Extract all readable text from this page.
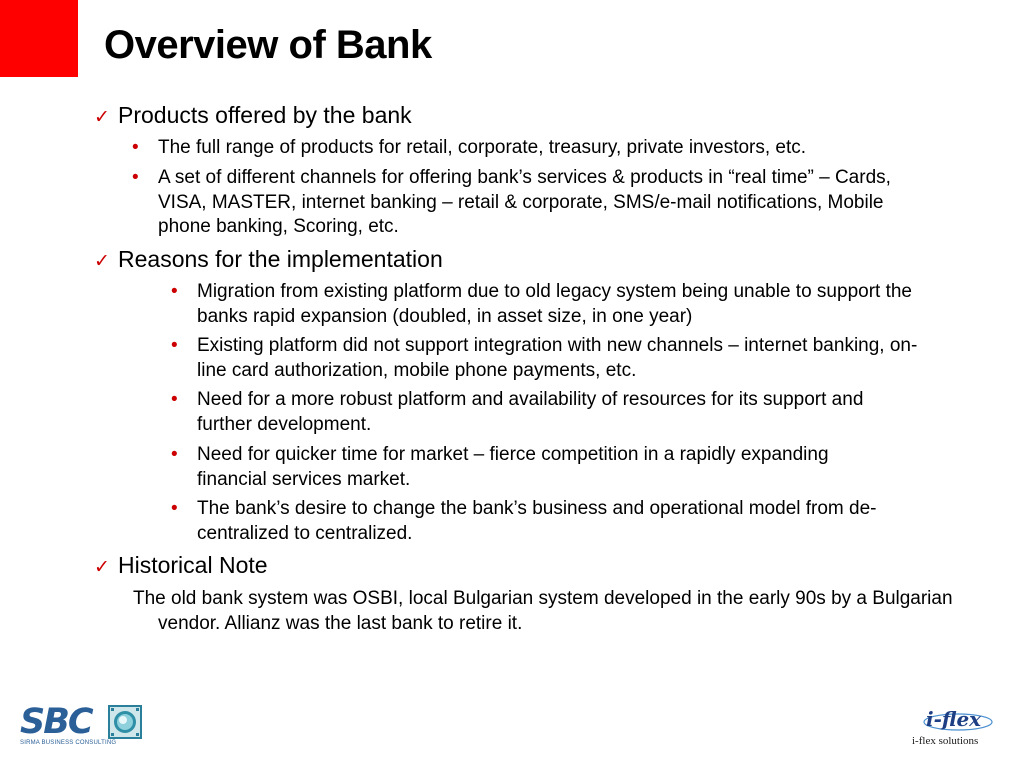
Overview of Bank
✓ Products offered by the bank
• The full range of products for retail, corporate, treasury, private investors, etc.
• A set of different channels for offering bank’s services & products in “real time” – Cards, VISA, MASTER, internet banking – retail & corporate, SMS/e-mail notifications, Mobile phone banking, Scoring, etc.
✓ Reasons for the implementation
• Migration from existing platform due to old legacy system being unable to support the banks rapid expansion (doubled, in asset size, in one year)
• Existing platform did not support integration with new channels – internet banking, on-line card authorization, mobile phone payments, etc.
• Need for a more robust platform and availability of resources for its support and further development.
• Need for quicker time for market – fierce competition in a rapidly expanding financial services market.
• The bank’s desire to change the bank’s business and operational model from de-centralized to centralized.
✓ Historical Note
The old bank system was OSBI, local Bulgarian system developed in the early 90s by a Bulgarian vendor. Allianz was the last bank to retire it.
SBC
SIRMA BUSINESS CONSULTING
i-flex
i-flex solutions
